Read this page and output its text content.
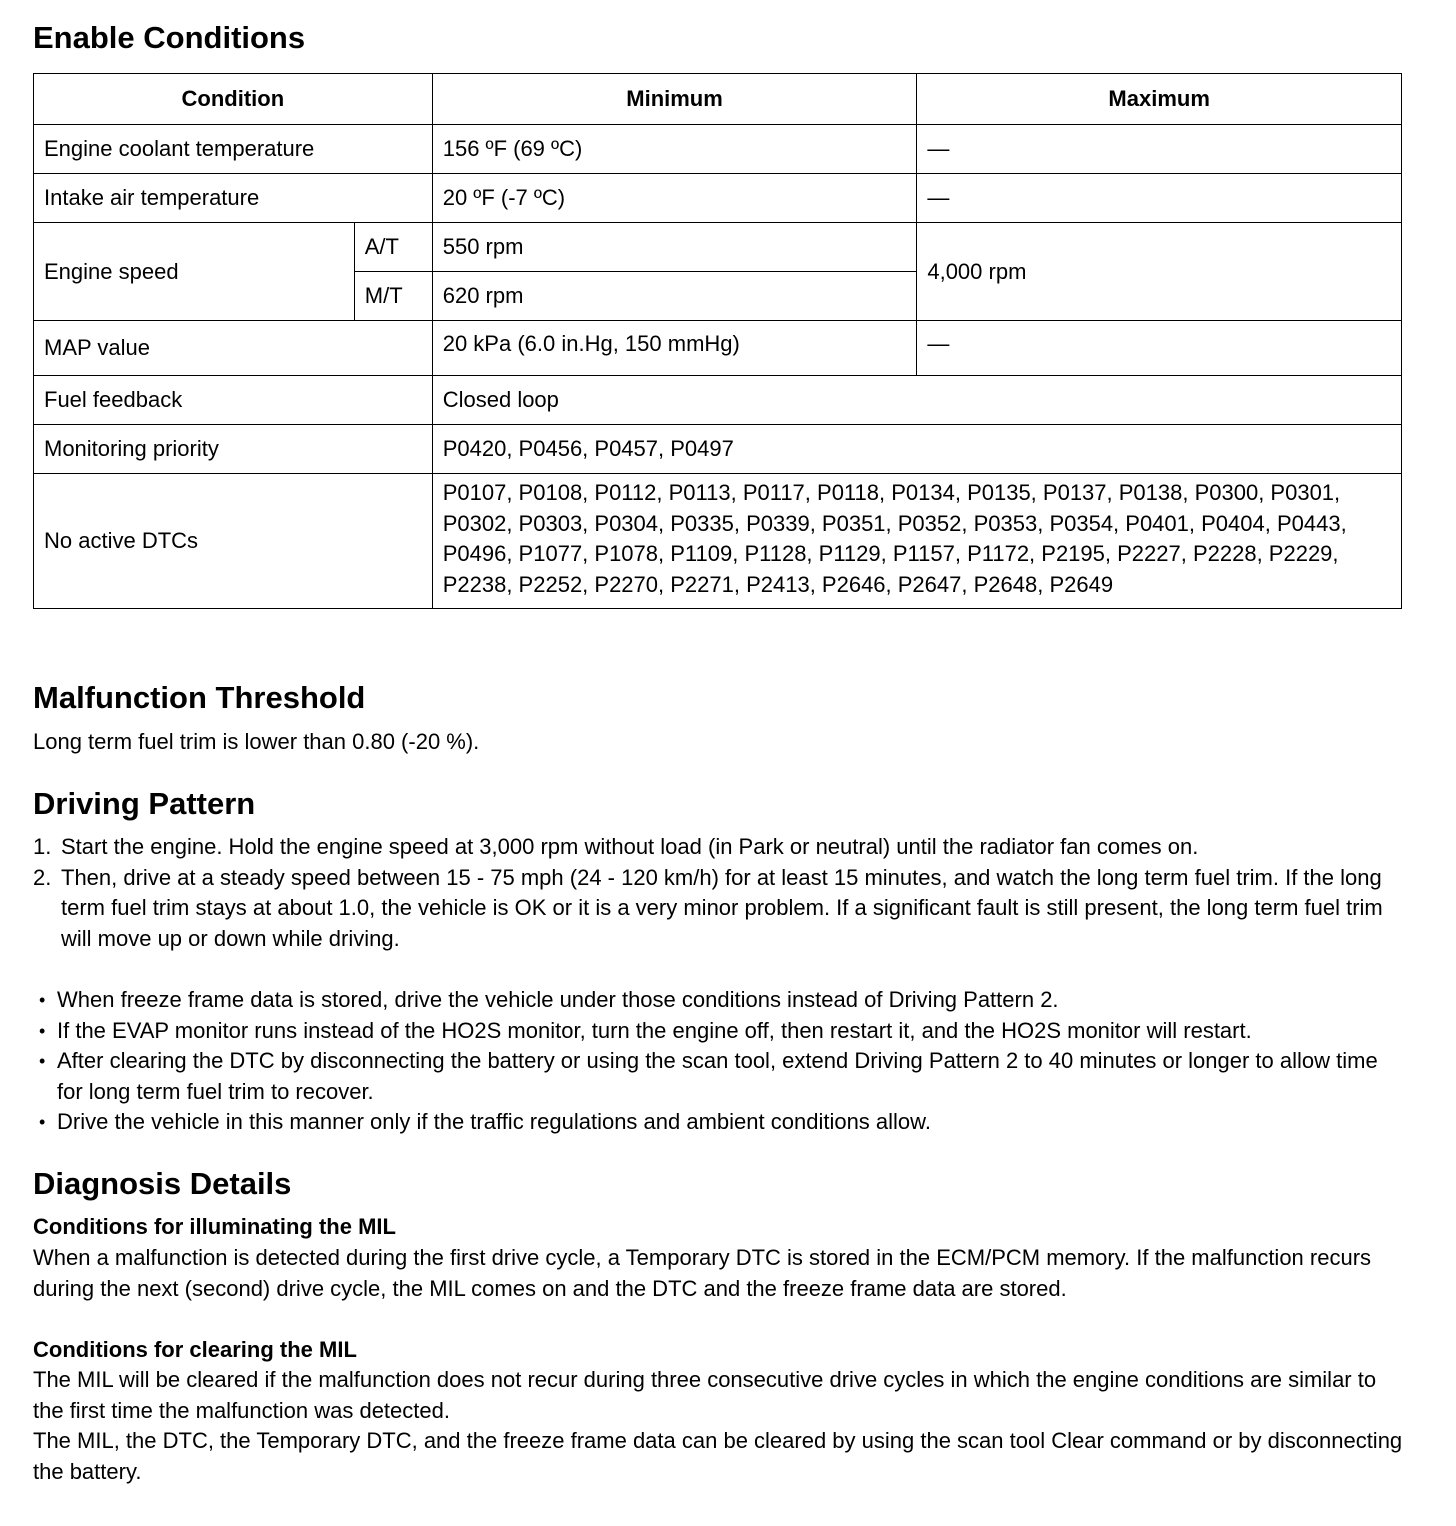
Enable Conditions
Condition		Minimum	Maximum
Engine coolant temperature		156 ºF (69 ºC)	—
Intake air temperature		20 ºF (-7 ºC)	—
Engine speed	A/T	550 rpm	4,000 rpm
	M/T	620 rpm	
MAP value		20 kPa (6.0 in.Hg, 150 mmHg)	—
Fuel feedback		Closed loop	
Monitoring priority		P0420, P0456, P0457, P0497	
No active DTCs		P0107, P0108, P0112, P0113, P0117, P0118, P0134, P0135, P0137, P0138, P0300, P0301, P0302, P0303, P0304, P0335, P0339, P0351, P0352, P0353, P0354, P0401, P0404, P0443, P0496, P1077, P1078, P1109, P1128, P1129, P1157, P1172, P2195, P2227, P2228, P2229, P2238, P2252, P2270, P2271, P2413, P2646, P2647, P2648, P2649	
Malfunction Threshold

Long term fuel trim is lower than 0.80 (-20 %).

Driving Pattern
1. Start the engine. Hold the engine speed at 3,000 rpm without load (in Park or neutral) until the radiator fan comes on.
2. Then, drive at a steady speed between 15 - 75 mph (24 - 120 km/h) for at least 15 minutes, and watch the long term fuel trim. If the long term fuel trim stays at about 1.0, the vehicle is OK or it is a very minor problem. If a significant fault is still present, the long term fuel trim will move up or down while driving.
• When freeze frame data is stored, drive the vehicle under those conditions instead of Driving Pattern 2.
• If the EVAP monitor runs instead of the HO2S monitor, turn the engine off, then restart it, and the HO2S monitor will restart.
• After clearing the DTC by disconnecting the battery or using the scan tool, extend Driving Pattern 2 to 40 minutes or longer to allow time for long term fuel trim to recover.
• Drive the vehicle in this manner only if the traffic regulations and ambient conditions allow.
Diagnosis Details
Conditions for illuminating the MIL

When a malfunction is detected during the first drive cycle, a Temporary DTC is stored in the ECM/PCM memory. If the malfunction recurs during the next (second) drive cycle, the MIL comes on and the DTC and the freeze frame data are stored.

Conditions for clearing the MIL

The MIL will be cleared if the malfunction does not recur during three consecutive drive cycles in which the engine conditions are similar to the first time the malfunction was detected.

The MIL, the DTC, the Temporary DTC, and the freeze frame data can be cleared by using the scan tool Clear command or by disconnecting the battery.
